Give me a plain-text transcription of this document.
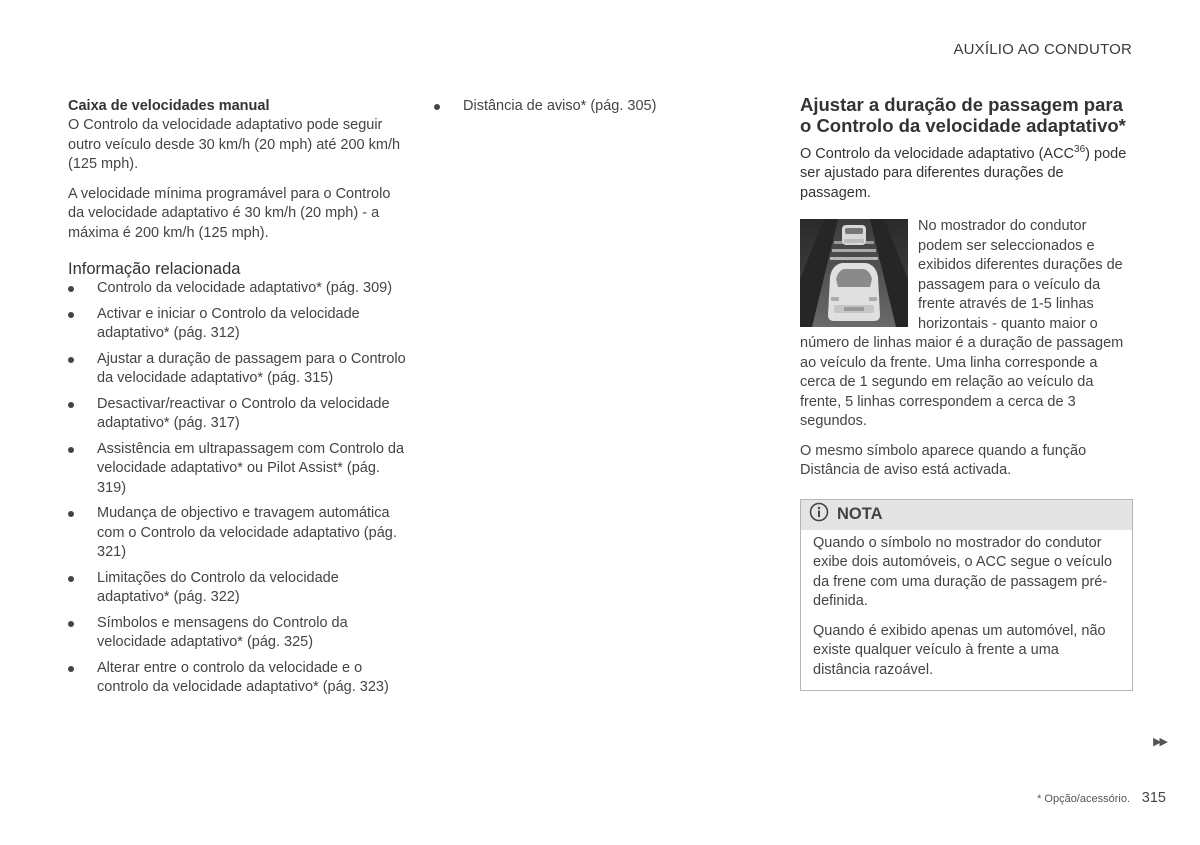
AUXÍLIO AO CONDUTOR
Caixa de velocidades manual

O Controlo da velocidade adaptativo pode seguir outro veículo desde 30 km/h (20 mph) até 200 km/h (125 mph).

A velocidade mínima programável para o Controlo da velocidade adaptativo é 30 km/h (20 mph) - a máxima é 200 km/h (125 mph).

Informação relacionada
Controlo da velocidade adaptativo* (pág. 309)
Activar e iniciar o Controlo da velocidade adaptativo* (pág. 312)
Ajustar a duração de passagem para o Controlo da velocidade adaptativo* (pág. 315)
Desactivar/reactivar o Controlo da velocidade adaptativo* (pág. 317)
Assistência em ultrapassagem com Controlo da velocidade adaptativo* ou Pilot Assist* (pág. 319)
Mudança de objectivo e travagem automática com o Controlo da velocidade adaptativo (pág. 321)
Limitações do Controlo da velocidade adaptativo* (pág. 322)
Símbolos e mensagens do Controlo da velocidade adaptativo* (pág. 325)
Alterar entre o controlo da velocidade e o controlo da velocidade adaptativo* (pág. 323)
Distância de aviso* (pág. 305)	Ajustar a duração de passagem para o Controlo da velocidade adaptativo*

O Controlo da velocidade adaptativo (ACC$^{36}$) pode ser ajustado para diferentes durações de passagem.

No mostrador do condutor podem ser seleccionados e exibidos diferentes durações de passagem para o veículo da frente através de 1-5 linhas horizontais - quanto maior o número de linhas maior é a duração de passagem ao veículo da frente. Uma linha corresponde a cerca de 1 segundo em relação ao veículo da frente, 5 linhas correspondem a cerca de 3 segundos.

O mesmo símbolo aparece quando a função Distância de aviso está activada.

NOTA

Quando o símbolo no mostrador do condutor exibe dois automóveis, o ACC segue o veículo da frene com uma duração de passagem pré-definida.

Quando é exibido apenas um automóvel, não existe qualquer veículo à frente a uma distância razoável.

▶▶
* Opção/acessório. 315
